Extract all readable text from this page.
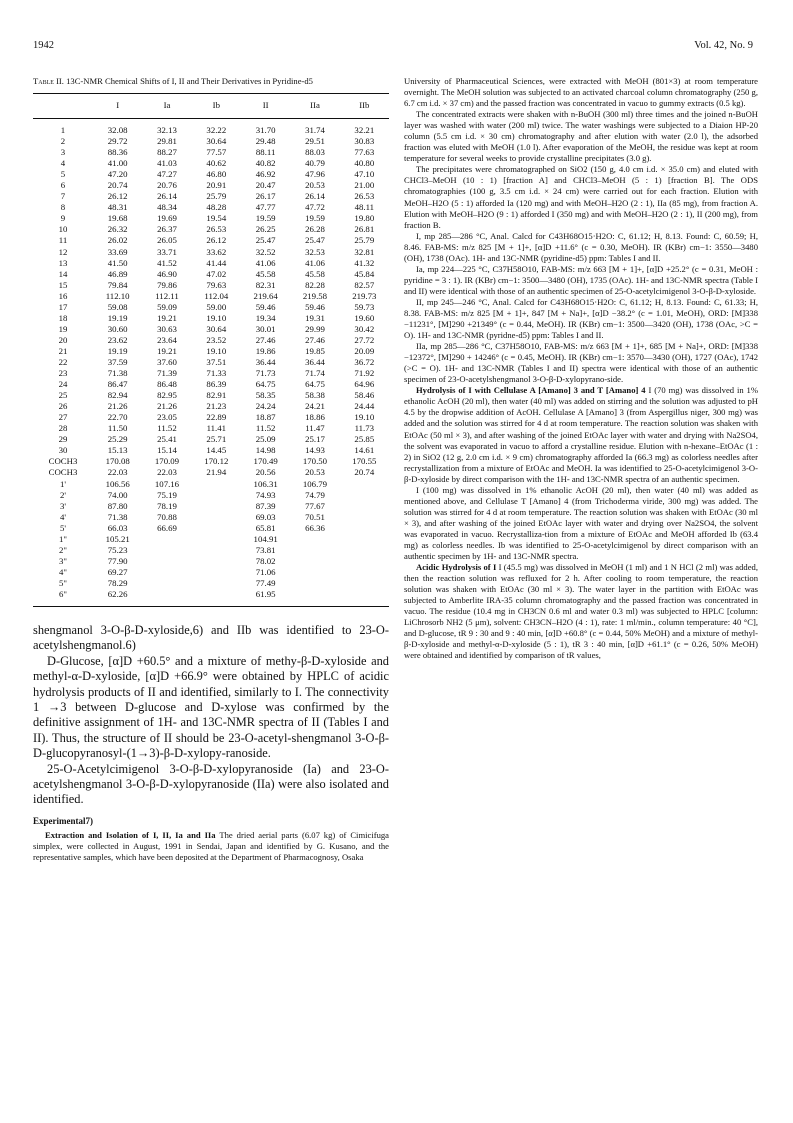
1942	Vol. 42, No. 9

Table II. 13C-NMR Chemical Shifts of I, II and Their Derivatives in Pyridine-d5

	I	Ia	Ib	II	IIa	IIb
1	32.08	32.13	32.22	31.70	31.74	32.21
2	29.72	29.81	30.64	29.48	29.51	30.83
3	88.36	88.27	77.57	88.11	88.03	77.63
4	41.00	41.03	40.62	40.82	40.79	40.80
5	47.20	47.27	46.80	46.92	47.96	47.10
6	20.74	20.76	20.91	20.47	20.53	21.00
7	26.12	26.14	25.79	26.17	26.14	26.53
8	48.31	48.34	48.28	47.77	47.72	48.11
9	19.68	19.69	19.54	19.59	19.59	19.80
10	26.32	26.37	26.53	26.25	26.28	26.81
11	26.02	26.05	26.12	25.47	25.47	25.79
12	33.69	33.71	33.62	32.52	32.53	32.81
13	41.50	41.52	41.44	41.06	41.06	41.32
14	46.89	46.90	47.02	45.58	45.58	45.84
15	79.84	79.86	79.63	82.31	82.28	82.57
16	112.10	112.11	112.04	219.64	219.58	219.73
17	59.08	59.09	59.00	59.46	59.46	59.73
18	19.19	19.21	19.10	19.34	19.31	19.60
19	30.60	30.63	30.64	30.01	29.99	30.42
20	23.62	23.64	23.52	27.46	27.46	27.72
21	19.19	19.21	19.10	19.86	19.85	20.09
22	37.59	37.60	37.51	36.44	36.44	36.72
23	71.38	71.39	71.33	71.73	71.74	71.92
24	86.47	86.48	86.39	64.75	64.75	64.96
25	82.94	82.95	82.91	58.35	58.38	58.46
26	21.26	21.26	21.23	24.24	24.21	24.44
27	22.70	23.05	22.89	18.87	18.86	19.10
28	11.50	11.52	11.41	11.52	11.47	11.73
29	25.29	25.41	25.71	25.09	25.17	25.85
30	15.13	15.14	14.45	14.98	14.93	14.61
COCH3	170.08	170.09	170.12	170.49	170.50	170.55
COCH3	22.03	22.03	21.94	20.56	20.53	20.74
1'	106.56	107.16		106.31	106.79	
2'	74.00	75.19		74.93	74.79	
3'	87.80	78.19		87.39	77.67	
4'	71.38	70.88		69.03	70.51	
5'	66.03	66.69		65.81	66.36	
1"	105.21			104.91		
2"	75.23			73.81		
3"	77.90			78.02		
4"	69.27			71.06		
5"	78.29			77.49		
6"	62.26			61.95		

shengmanol 3-O-β-D-xyloside,6) and IIb was identified to 23-O-acetylshengmanol.6)

D-Glucose, [α]D +60.5° and a mixture of methy-β-D-xyloside and methyl-α-D-xyloside, [α]D +66.9° were obtained by HPLC of acidic hydrolysis products of II and identified, similarly to I. The connectivity 1 →3 between D-glucose and D-xylose was confirmed by the definitive assignment of 1H- and 13C-NMR spectra of II (Tables I and II). Thus, the structure of II should be 23-O-acetyl-shengmanol 3-O-β-D-glucopyranosyl-(1→3)-β-D-xylopy-ranoside.

25-O-Acetylcimigenol 3-O-β-D-xylopyranoside (Ia) and 23-O-acetylshengmanol 3-O-β-D-xylopyranoside (IIa) were also isolated and identified.

Experimental7)

Extraction and Isolation of I, II, Ia and IIa The dried aerial parts (6.07 kg) of Cimicifuga simplex, were collected in August, 1991 in Sendai, Japan and identified by G. Kusano, and the representative samples, which have been deposited at the Department of Pharmacognosy, Osaka

University of Pharmaceutical Sciences, were extracted with MeOH (801×3) at room temperature overnight. The MeOH solution was subjected to an activated charcoal column chromatography (250 g, 6.7 cm i.d. × 37 cm) and the passed fraction was concentrated in vacuo to gummy extracts (0.5 kg).

The concentrated extracts were shaken with n-BuOH (300 ml) three times and the joined n-BuOH layer was washed with water (200 ml) twice. The water washings were subjected to a Diaion HP-20 column (5.5 cm i.d. × 30 cm) chromatography and after elution with water (2.0 l), the adsorbed fraction was eluted with MeOH (1.0 l). After evaporation of the MeOH, the residue was kept at room temperature for several weeks to provide crystalline precipitates (3.0 g).

The precipitates were chromatographed on SiO2 (150 g, 4.0 cm i.d. × 35.0 cm) and eluted with CHCl3–MeOH (10 : 1) [fraction A] and CHCl3–MeOH (5 : 1) [fraction B]. The ODS chromatographies (100 g, 3.5 cm i.d. × 24 cm) were carried out for each fraction. Elution with MeOH–H2O (5 : 1) afforded Ia (120 mg) and with MeOH–H2O (2 : 1), IIa (85 mg), from fraction A. Elution with MeOH–H2O (9 : 1) afforded I (350 mg) and with MeOH–H2O (2 : 1), II (200 mg), from fraction B.

I, mp 285—286 °C, Anal. Calcd for C43H68O15·H2O: C, 61.12; H, 8.13. Found: C, 60.59; H, 8.46. FAB-MS: m/z 825 [M + 1]+, [α]D +11.6° (c = 0.30, MeOH). IR (KBr) cm−1: 3550—3480 (OH), 1738 (OAc). 1H- and 13C-NMR (pyridine-d5) ppm: Tables I and II.

Ia, mp 224—225 °C, C37H58O10, FAB-MS: m/z 663 [M + 1]+, [α]D +25.2° (c = 0.31, MeOH : pyridine = 3 : 1). IR (KBr) cm−1: 3500—3480 (OH), 1735 (OAc). 1H- and 13C-NMR spectra (Table I and II) were identical with those of an authentic specimen of 25-O-acetylcimigenol 3-O-β-D-xyloside.

II, mp 245—246 °C, Anal. Calcd for C43H68O15·H2O: C, 61.12; H, 8.13. Found: C, 61.33; H, 8.38. FAB-MS: m/z 825 [M + 1]+, 847 [M + Na]+, [α]D −38.2° (c = 1.01, MeOH), ORD: [M]338 −11231°, [M]290 +21349° (c = 0.44, MeOH). IR (KBr) cm−1: 3500—3420 (OH), 1738 (OAc, >C = O). 1H- and 13C-NMR (pyridne-d5) ppm: Tables I and II.

IIa, mp 285—286 °C, C37H58O10, FAB-MS: m/z 663 [M + 1]+, 685 [M + Na]+, ORD: [M]338 −12372°, [M]290 + 14246° (c = 0.45, MeOH). IR (KBr) cm−1: 3570—3430 (OH), 1727 (OAc), 1742 (>C = O). 1H- and 13C-NMR (Tables I and II) spectra were identical with those of an authentic specimen of 23-O-acetylshengmanol 3-O-β-D-xylopyrano-side.

Hydrolysis of I with Cellulase A [Amano] 3 and T [Amano] 4 I (70 mg) was dissolved in 1% ethanolic AcOH (20 ml), then water (40 ml) was added on stirring and the solution was adjusted to pH 4.5 by the dropwise addition of AcOH. Cellulase A [Amano] 3 (from Aspergillus niger, 300 mg) was added and the solution was stirred for 4 d at room temperature. The reaction solution was shaken with EtOAc (50 ml × 3), and after washing of the joined EtOAc layer with water and drying with Na2SO4, the solvent was evaporated in vacuo to afford a crystalline residue. Elution with n-hexane–EtOAc (1 : 2) in SiO2 (12 g, 2.0 cm i.d. × 9 cm) chromatography afforded Ia (66.3 mg) as colorless needles after recrystallization from a mixture of EtOAc and MeOH. Ia was identified to 25-O-acetylcimigenol 3-O-β-D-xyloside by direct comparison with the 1H- and 13C-NMR spectra of an authentic specimen.

I (100 mg) was dissolved in 1% ethanolic AcOH (20 ml), then water (40 ml) was added as mentioned above, and Cellulase T [Amano] 4 (from Trichoderma viride, 300 mg) was added. The solution was stirred for 4 d at room temperature. The reaction solution was shaken with EtOAc (30 ml × 3), and after washing of the joined EtOAc layer with water and drying over Na2SO4, the solvent was evaporated in vacuo. Recrystalliza-tion from a mixture of EtOAc and MeOH afforded Ib (63.4 mg) as colorless needles. Ib was identified to 25-O-acetylcimigenol by direct comparison with an authentic specimen by 1H- and 13C-NMR spectra.

Acidic Hydrolysis of I I (45.5 mg) was dissolved in MeOH (1 ml) and 1 N HCl (2 ml) was added, then the reaction solution was refluxed for 2 h. After cooling to room temperature, the reaction solution was shaken with EtOAc (30 ml × 3). The water layer in the partition with EtOAc was subjected to Amberlite IRA-35 column chromatography and the passed fraction was concentrated in vacuo. The residue (10.4 mg in CH3CN 0.6 ml and water 0.3 ml) was subjected to HPLC [column: LiChrosorb NH2 (5 μm), solvent: CH3CN–H2O (4 : 1), rate: 1 ml/min., column temperature: 40 °C], and D-glucose, tR 9 : 30 and 9 : 40 min, [α]D +60.8° (c = 0.44, 50% MeOH) and a mixture of methyl-β-D-xyloside and methyl-α-D-xyloside (5 : 1), tR 3 : 40 min, [α]D +61.1° (c = 0.26, 50% MeOH) were obtained and identified by comparison of tR values,
